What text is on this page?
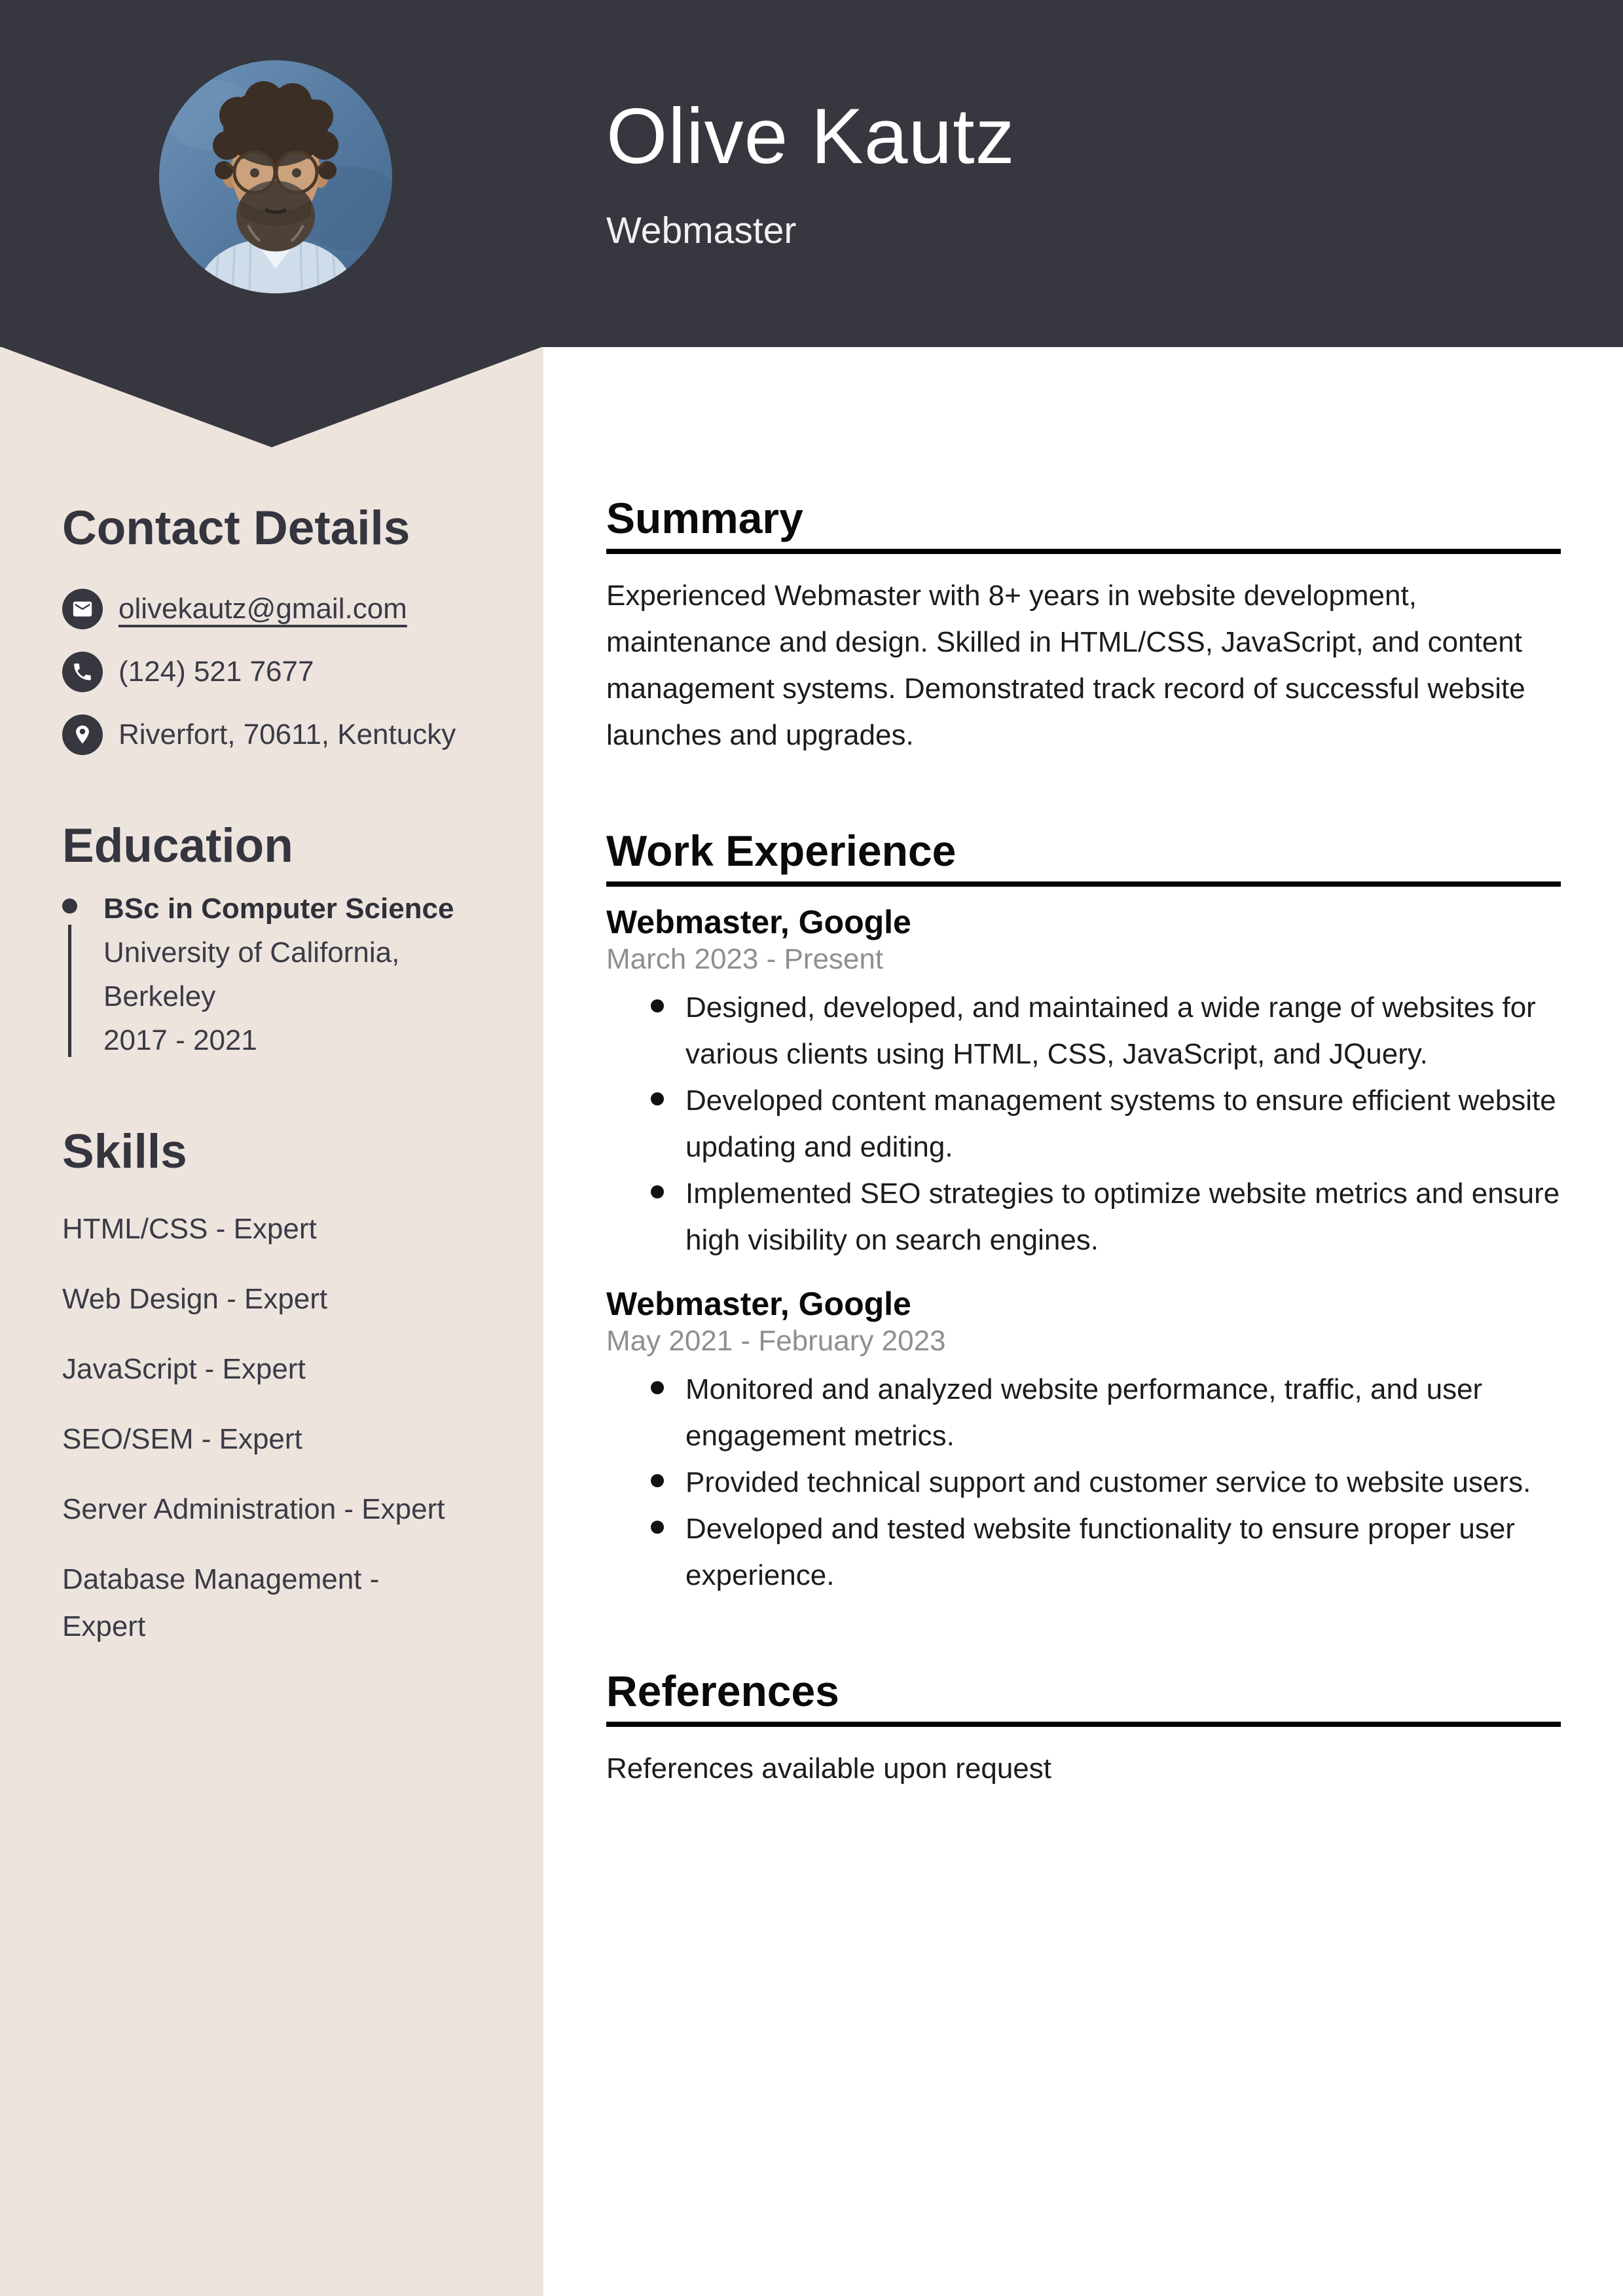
Olive Kautz
Webmaster
Contact Details
olivekautz@gmail.com
(124) 521 7677
Riverfort, 70611, Kentucky
Education
BSc in Computer Science
University of California, Berkeley
2017 - 2021
Skills
HTML/CSS - Expert
Web Design - Expert
JavaScript - Expert
SEO/SEM - Expert
Server Administration - Expert
Database Management - Expert
Summary

Experienced Webmaster with 8+ years in website development, maintenance and design. Skilled in HTML/CSS, JavaScript, and content management systems. Demonstrated track record of successful website launches and upgrades.

Work Experience
Webmaster, Google

March 2023 - Present

Designed, developed, and maintained a wide range of websites for various clients using HTML, CSS, JavaScript, and JQuery.
Developed content management systems to ensure efficient website updating and editing.
Implemented SEO strategies to optimize website metrics and ensure high visibility on search engines.
Webmaster, Google

May 2021 - February 2023

Monitored and analyzed website performance, traffic, and user engagement metrics.
Provided technical support and customer service to website users.
Developed and tested website functionality to ensure proper user experience.
References

References available upon request
